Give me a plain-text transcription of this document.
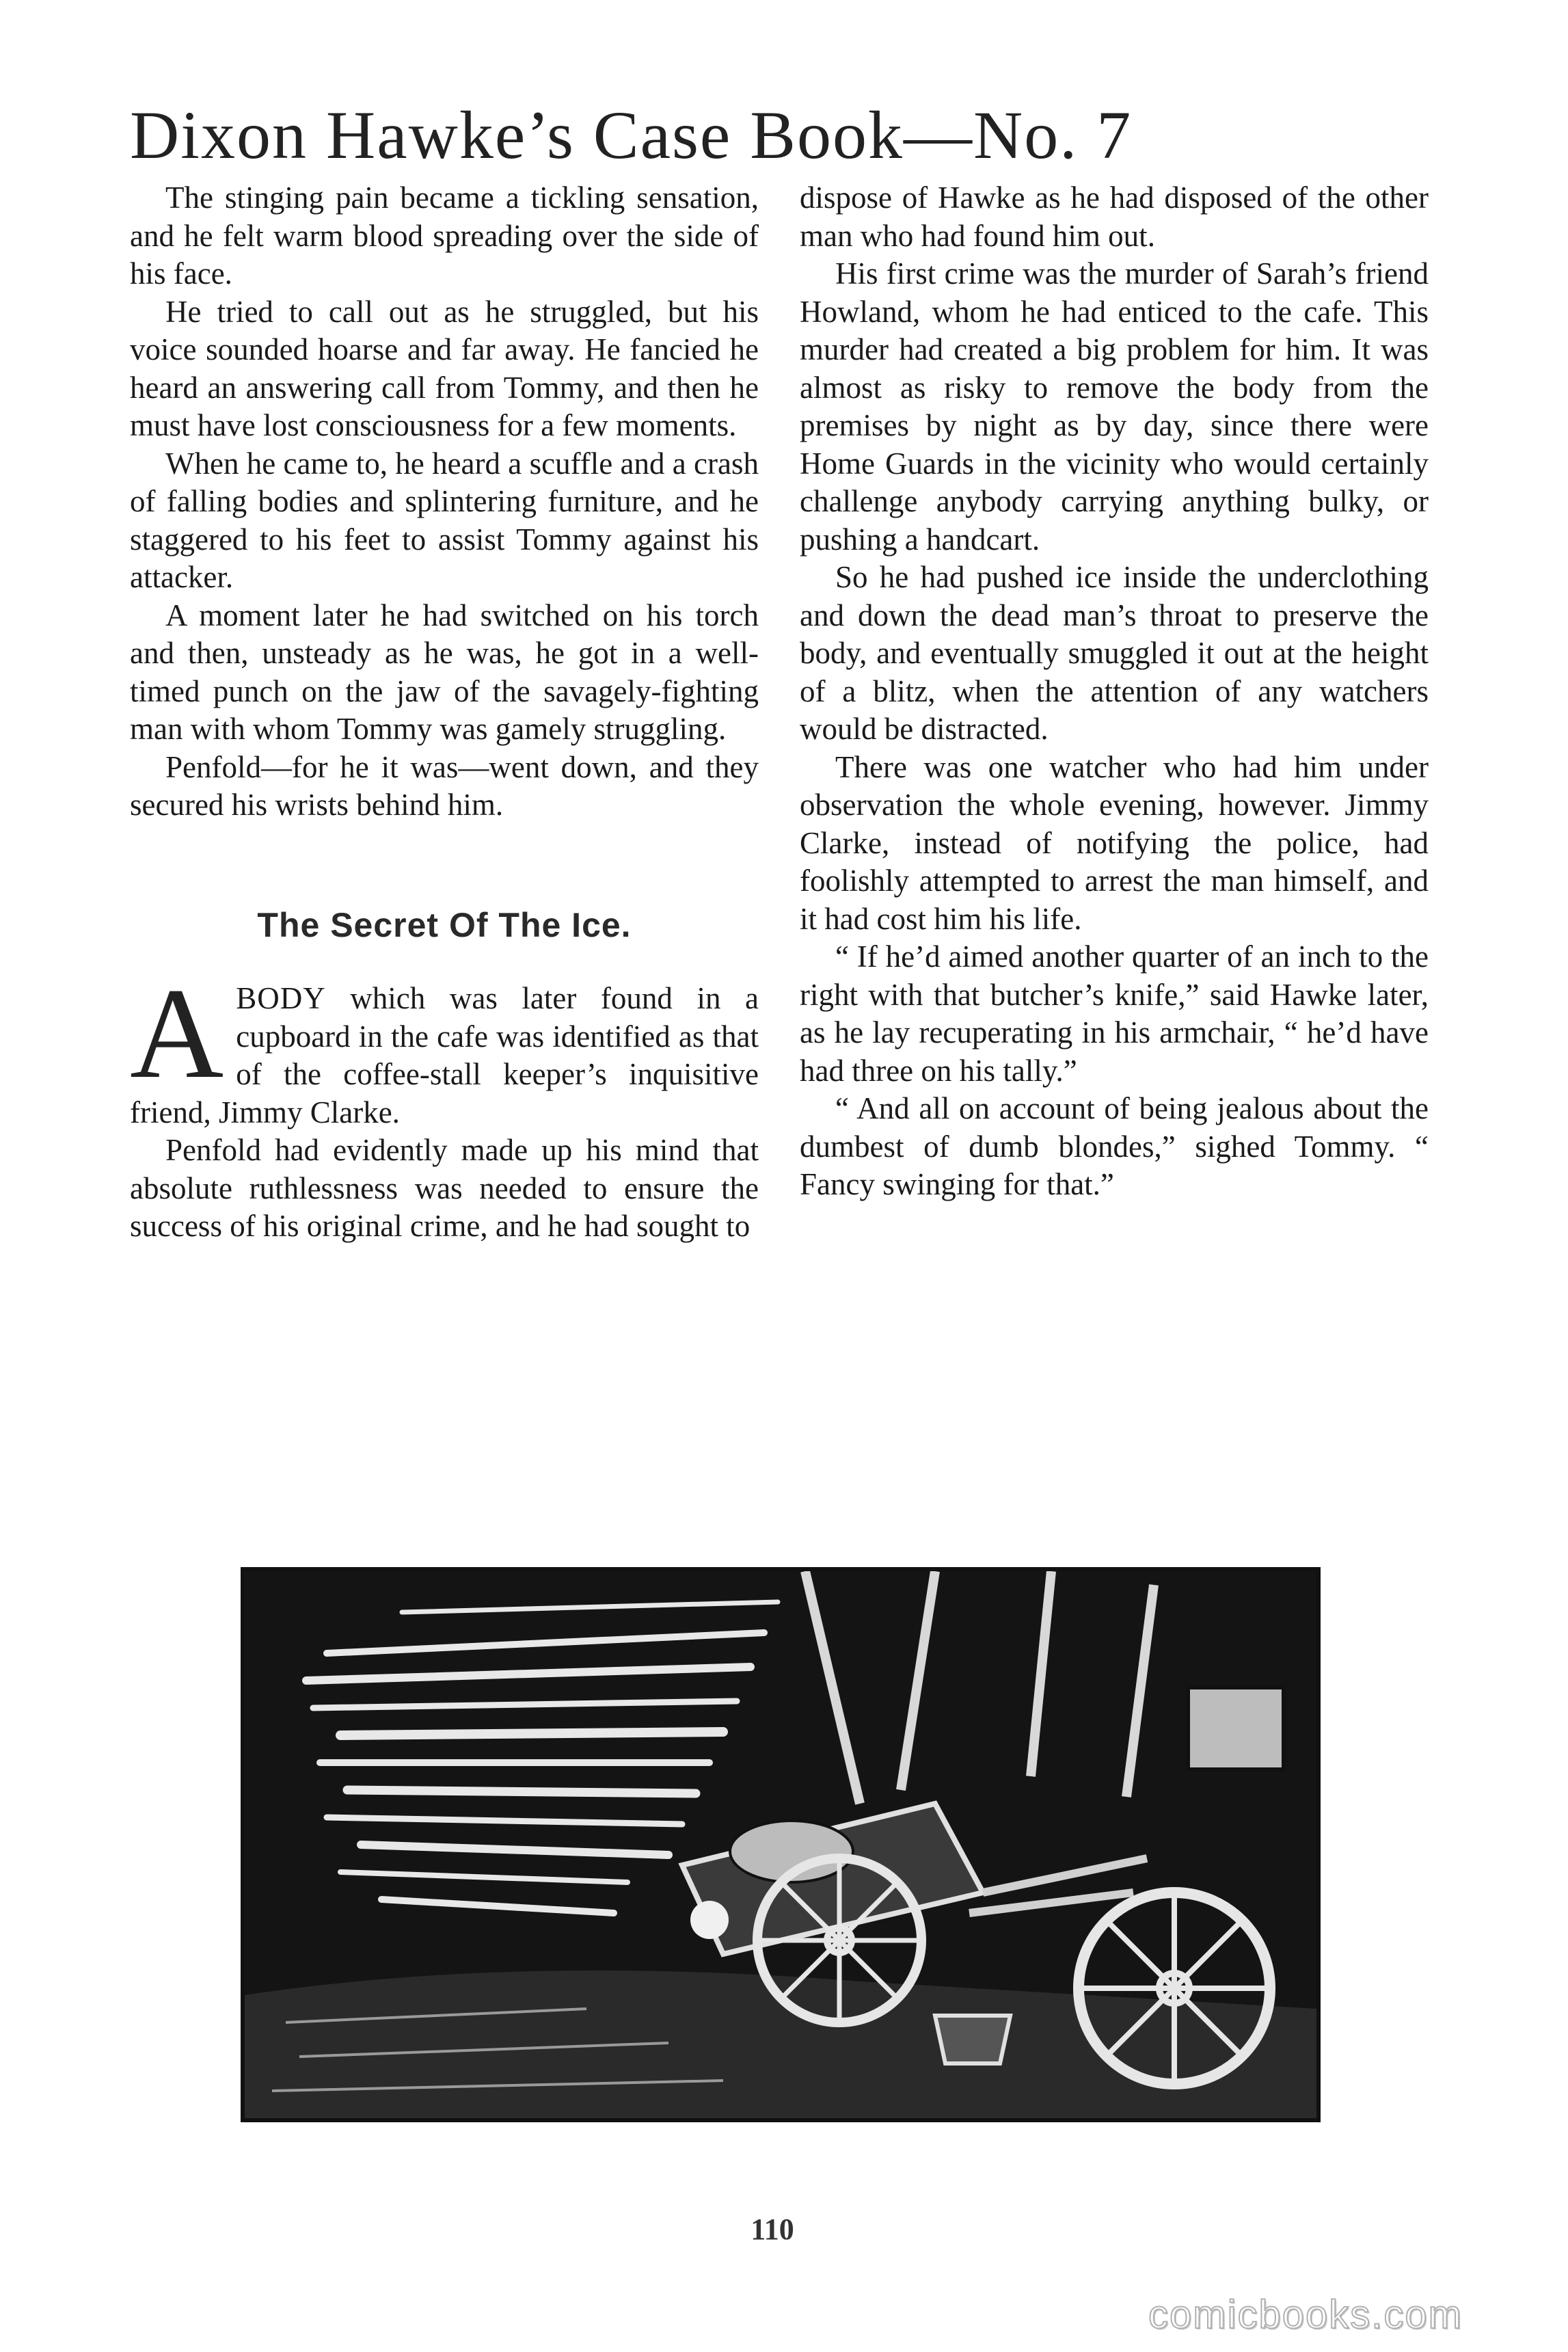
Dixon Hawke’s Case Book—No. 7

The stinging pain became a tickling sensation, and he felt warm blood spreading over the side of his face.

He tried to call out as he struggled, but his voice sounded hoarse and far away. He fancied he heard an answering call from Tommy, and then he must have lost consciousness for a few moments.

When he came to, he heard a scuffle and a crash of falling bodies and splintering furniture, and he staggered to his feet to assist Tommy against his attacker.

A moment later he had switched on his torch and then, unsteady as he was, he got in a well-timed punch on the jaw of the savagely-fighting man with whom Tommy was gamely struggling.

Penfold—for he it was—went down, and they secured his wrists behind him.

The Secret Of The Ice.

ABODY which was later found in a cupboard in the cafe was identified as that of the coffee-stall keeper’s inquisitive friend, Jimmy Clarke.

Penfold had evidently made up his mind that absolute ruthlessness was needed to ensure the success of his original crime, and he had sought to

dispose of Hawke as he had disposed of the other man who had found him out.

His first crime was the murder of Sarah’s friend Howland, whom he had enticed to the cafe. This murder had created a big problem for him. It was almost as risky to remove the body from the premises by night as by day, since there were Home Guards in the vicinity who would certainly challenge anybody carrying anything bulky, or pushing a handcart.

So he had pushed ice inside the underclothing and down the dead man’s throat to preserve the body, and eventually smuggled it out at the height of a blitz, when the attention of any watchers would be distracted.

There was one watcher who had him under observation the whole evening, however. Jimmy Clarke, instead of notifying the police, had foolishly attempted to arrest the man himself, and it had cost him his life.

“ If he’d aimed another quarter of an inch to the right with that butcher’s knife,” said Hawke later, as he lay recuperating in his armchair, “ he’d have had three on his tally.”

“ And all on account of being jealous about the dumbest of dumb blondes,” sighed Tommy. “ Fancy swinging for that.”

110
comicbooks.com
